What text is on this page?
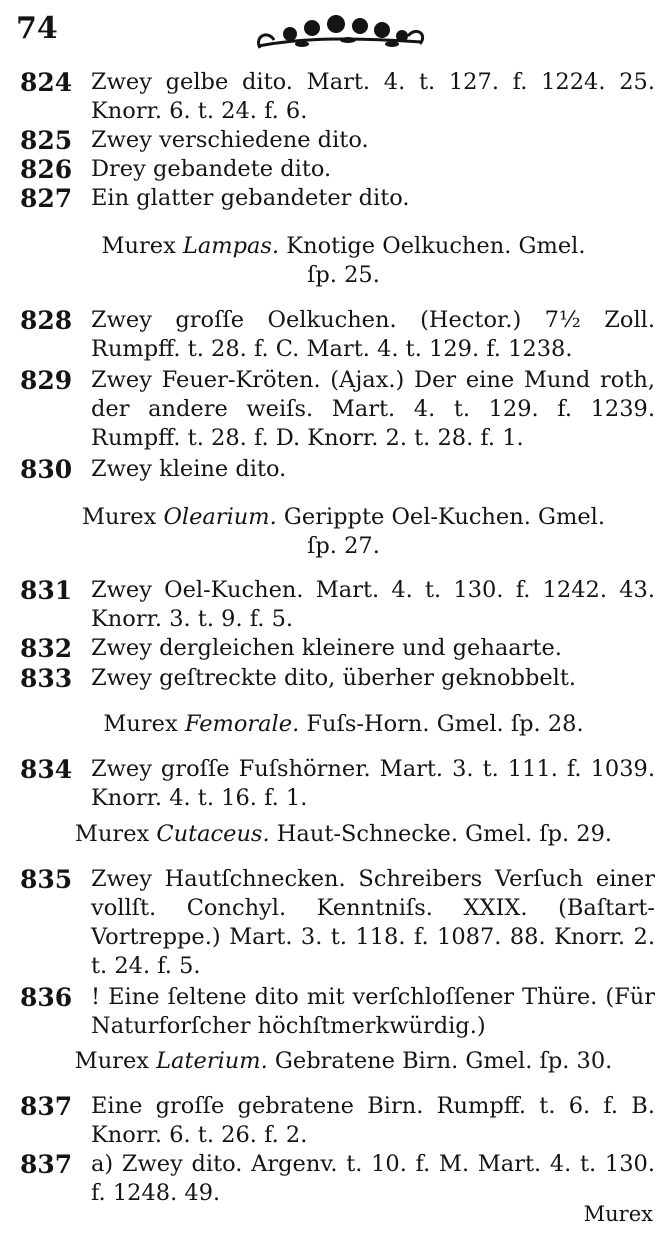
74
824 Zwey gelbe dito. Mart. 4. t. 127. f. 1224. 25. Knorr. 6. t. 24. f. 6.
825 Zwey verschiedene dito.
826 Drey gebandete dito.
827 Ein glatter gebandeter dito.
Murex Lampas. Knotige Oelkuchen. Gmel.
ſp. 25.
828 Zwey groſſe Oelkuchen. (Hector.) 7½ Zoll. Rumpff. t. 28. f. C. Mart. 4. t. 129. f. 1238.
829 Zwey Feuer-Kröten. (Ajax.) Der eine Mund roth, der andere weiſs. Mart. 4. t. 129. f. 1239. Rumpff. t. 28. f. D. Knorr. 2. t. 28. f. 1.
830 Zwey kleine dito.
Murex Olearium. Gerippte Oel-Kuchen. Gmel.
ſp. 27.
831 Zwey Oel-Kuchen. Mart. 4. t. 130. f. 1242. 43. Knorr. 3. t. 9. f. 5.
832 Zwey dergleichen kleinere und gehaarte.
833 Zwey geſtreckte dito, überher geknobbelt.
Murex Femorale. Fuſs-Horn. Gmel. ſp. 28.
834 Zwey groſſe Fuſshörner. Mart. 3. t. 111. f. 1039. Knorr. 4. t. 16. f. 1.
Murex Cutaceus. Haut-Schnecke. Gmel. ſp. 29.
835 Zwey Hautſchnecken. Schreibers Verſuch einer vollſt. Conchyl. Kenntniſs. XXIX. (Baſtart-Vortreppe.) Mart. 3. t. 118. f. 1087. 88. Knorr. 2. t. 24. f. 5.
836 ! Eine ſeltene dito mit verſchloſſener Thüre. (Für Naturforſcher höchſtmerkwürdig.)
Murex Laterium. Gebratene Birn. Gmel. ſp. 30.
837 Eine groſſe gebratene Birn. Rumpff. t. 6. f. B. Knorr. 6. t. 26. f. 2.
837 a) Zwey dito. Argenv. t. 10. f. M. Mart. 4. t. 130. f. 1248. 49.
Murex
